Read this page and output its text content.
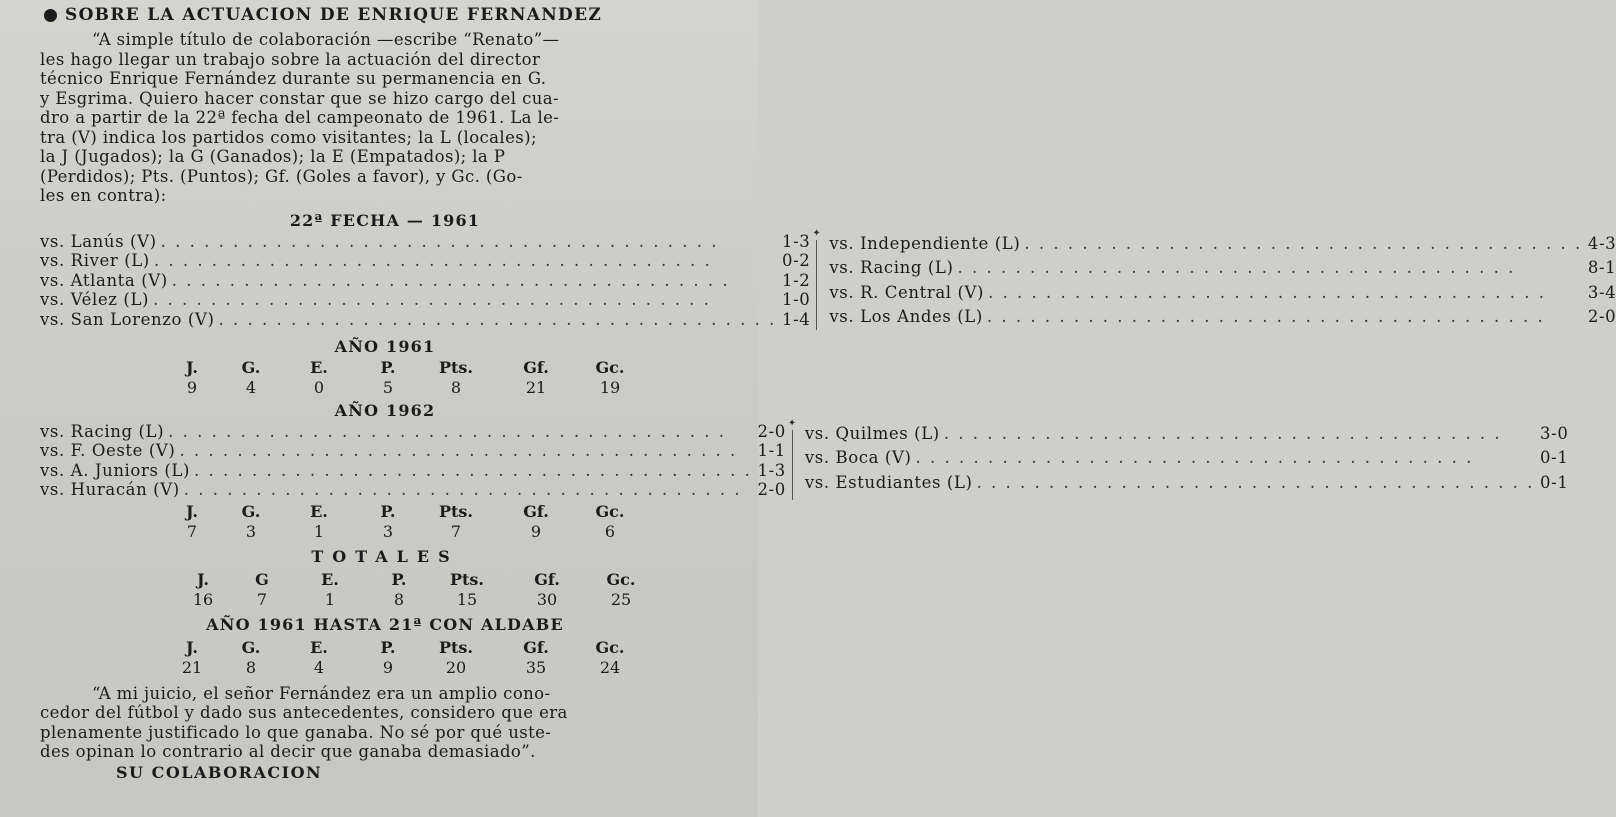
SOBRE LA ACTUACION DE ENRIQUE FERNANDEZ
“A simple título de colaboración —escribe “Renato”—
les hago llegar un trabajo sobre la actuación del director
técnico Enrique Fernández durante su permanencia en G.
y Esgrima. Quiero hacer constar que se hizo cargo del cua-
dro a partir de la 22ª fecha del campeonato de 1961. La le-
tra (V) indica los partidos como visitantes; la L (locales);
la J (Jugados); la G (Ganados); la E (Empatados); la P
(Perdidos); Pts. (Puntos); Gf. (Goles a favor), y Gc. (Go-
les en contra):
22ª FECHA — 1961
vs. Lanús (V) . . .	1-3
vs. River (L) . . .	0-2
vs. Atlanta (V) . . .	1-2
vs. Vélez (L) . . .	1-0
vs. San Lorenzo (V) . . .	1-4
✦
vs. Independiente (L) . . .	4-3
vs. Racing (L) . . .	8-1
vs. R. Central (V) . . .	3-4
vs. Los Andes (L) . . .	2-0
AÑO 1961
J.	G.	E.	P.	Pts.	Gf.	Gc.
9	4	0	5	8	21	19
AÑO 1962
vs. Racing (L) . . .	2-0
vs. F. Oeste (V) . . .	1-1
vs. A. Juniors (L) . . .	1-3
vs. Huracán (V) . . .	2-0
✦
vs. Quilmes (L) . . .	3-0
vs. Boca (V) . . .	0-1
vs. Estudiantes (L) . . .	0-1
J.	G.	E.	P.	Pts.	Gf.	Gc.
7	3	1	3	7	9	6
TOTALES
J.	G	E.	P.	Pts.	Gf.	Gc.
16	7	1	8	15	30	25
AÑO 1961 HASTA 21ª CON ALDABE
J.	G.	E.	P.	Pts.	Gf.	Gc.
21	8	4	9	20	35	24
“A mi juicio, el señor Fernández era un amplio cono-
cedor del fútbol y dado sus antecedentes, considero que era
plenamente justificado lo que ganaba. No sé por qué uste-
des opinan lo contrario al decir que ganaba demasiado”.
SU COLABORACION
